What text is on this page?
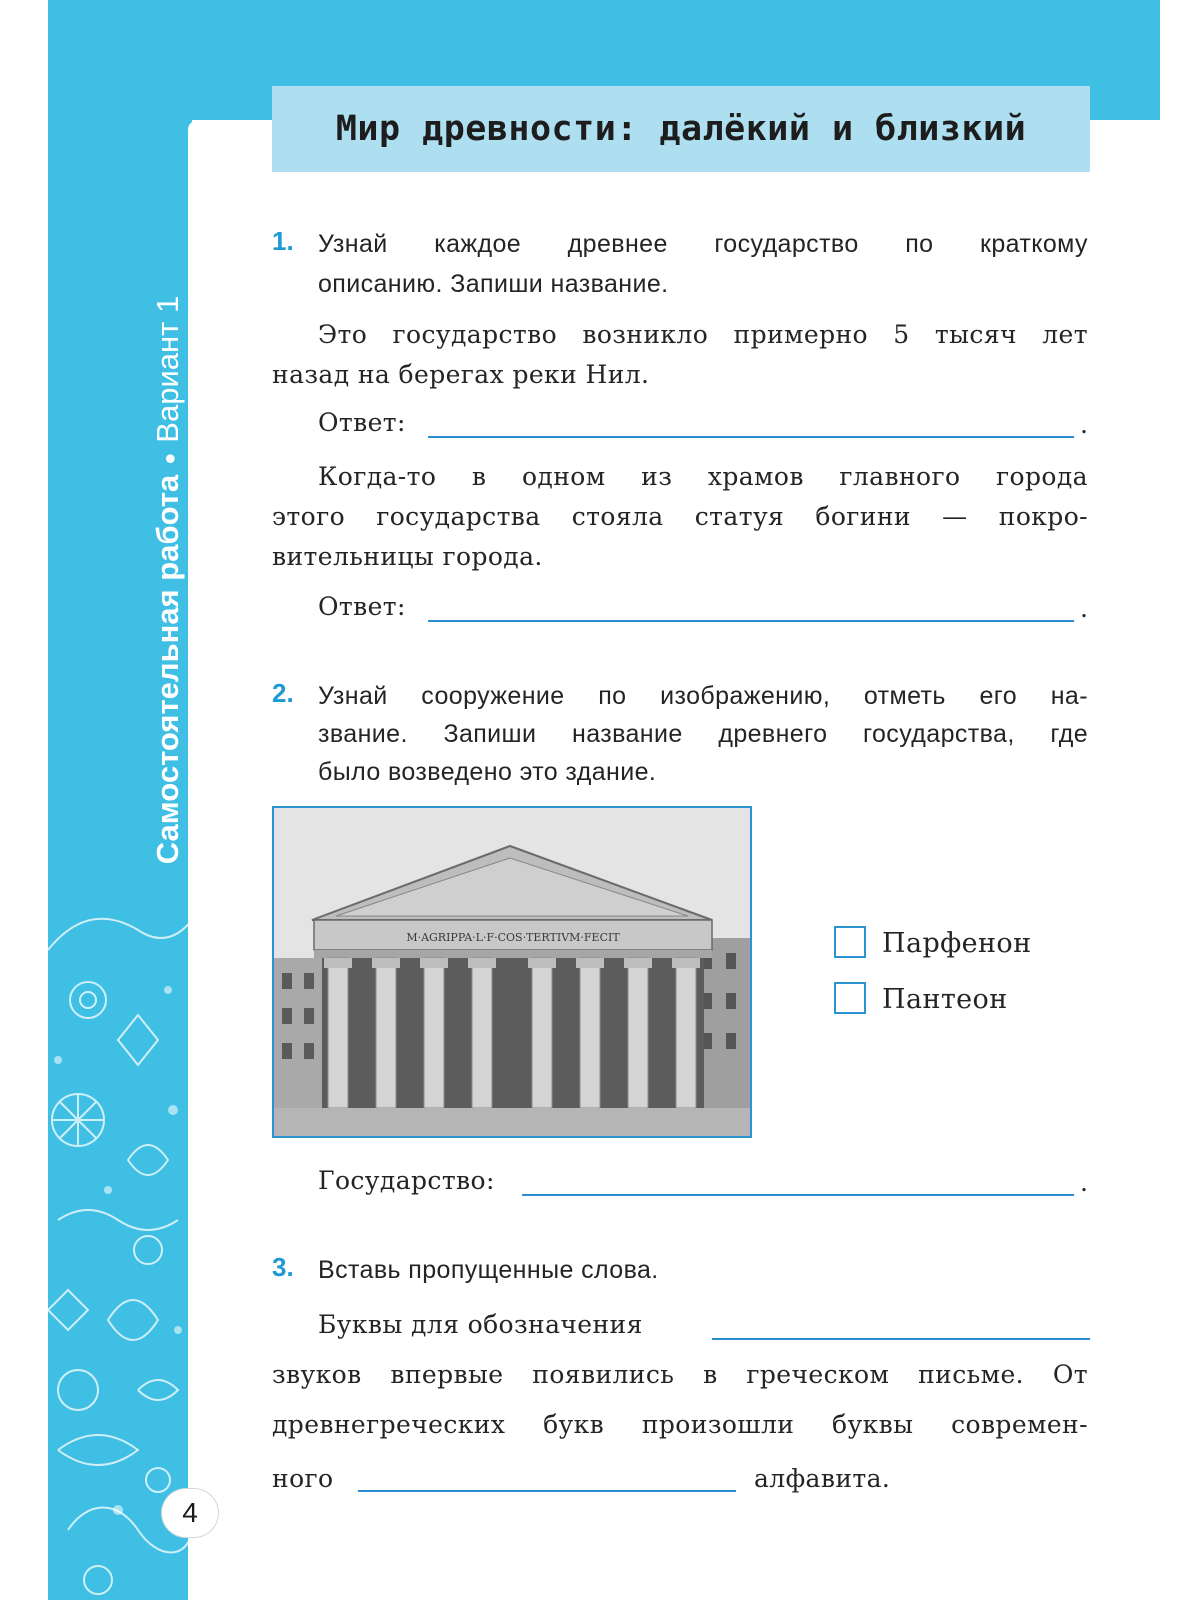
Самостоятельная работа●Вариант 1
Мир древности: далёкий и близкий
1. Узнай каждое древнее государство по краткому
описанию. Запиши название.
Это государство возникло примерно 5 тысяч лет
назад на берегах реки Нил.
Ответ:	.
Когда-то в одном из храмов главного города
этого государства стояла статуя богини — покро-
вительницы города.
Ответ:	.
2. Узнай сооружение по изображению, отметь его на-
звание. Запиши название древнего государства, где
было возведено это здание.
M·AGRIPPA·L·F·COS·TERTIVM·FECIT	Парфенон
Пантеон
Государство:	.
3. Вставь пропущенные слова.
Буквы для обозначения
звуков впервые появились в греческом письме. От
древнегреческих букв произошли буквы современ-
ного	алфавита.
4
